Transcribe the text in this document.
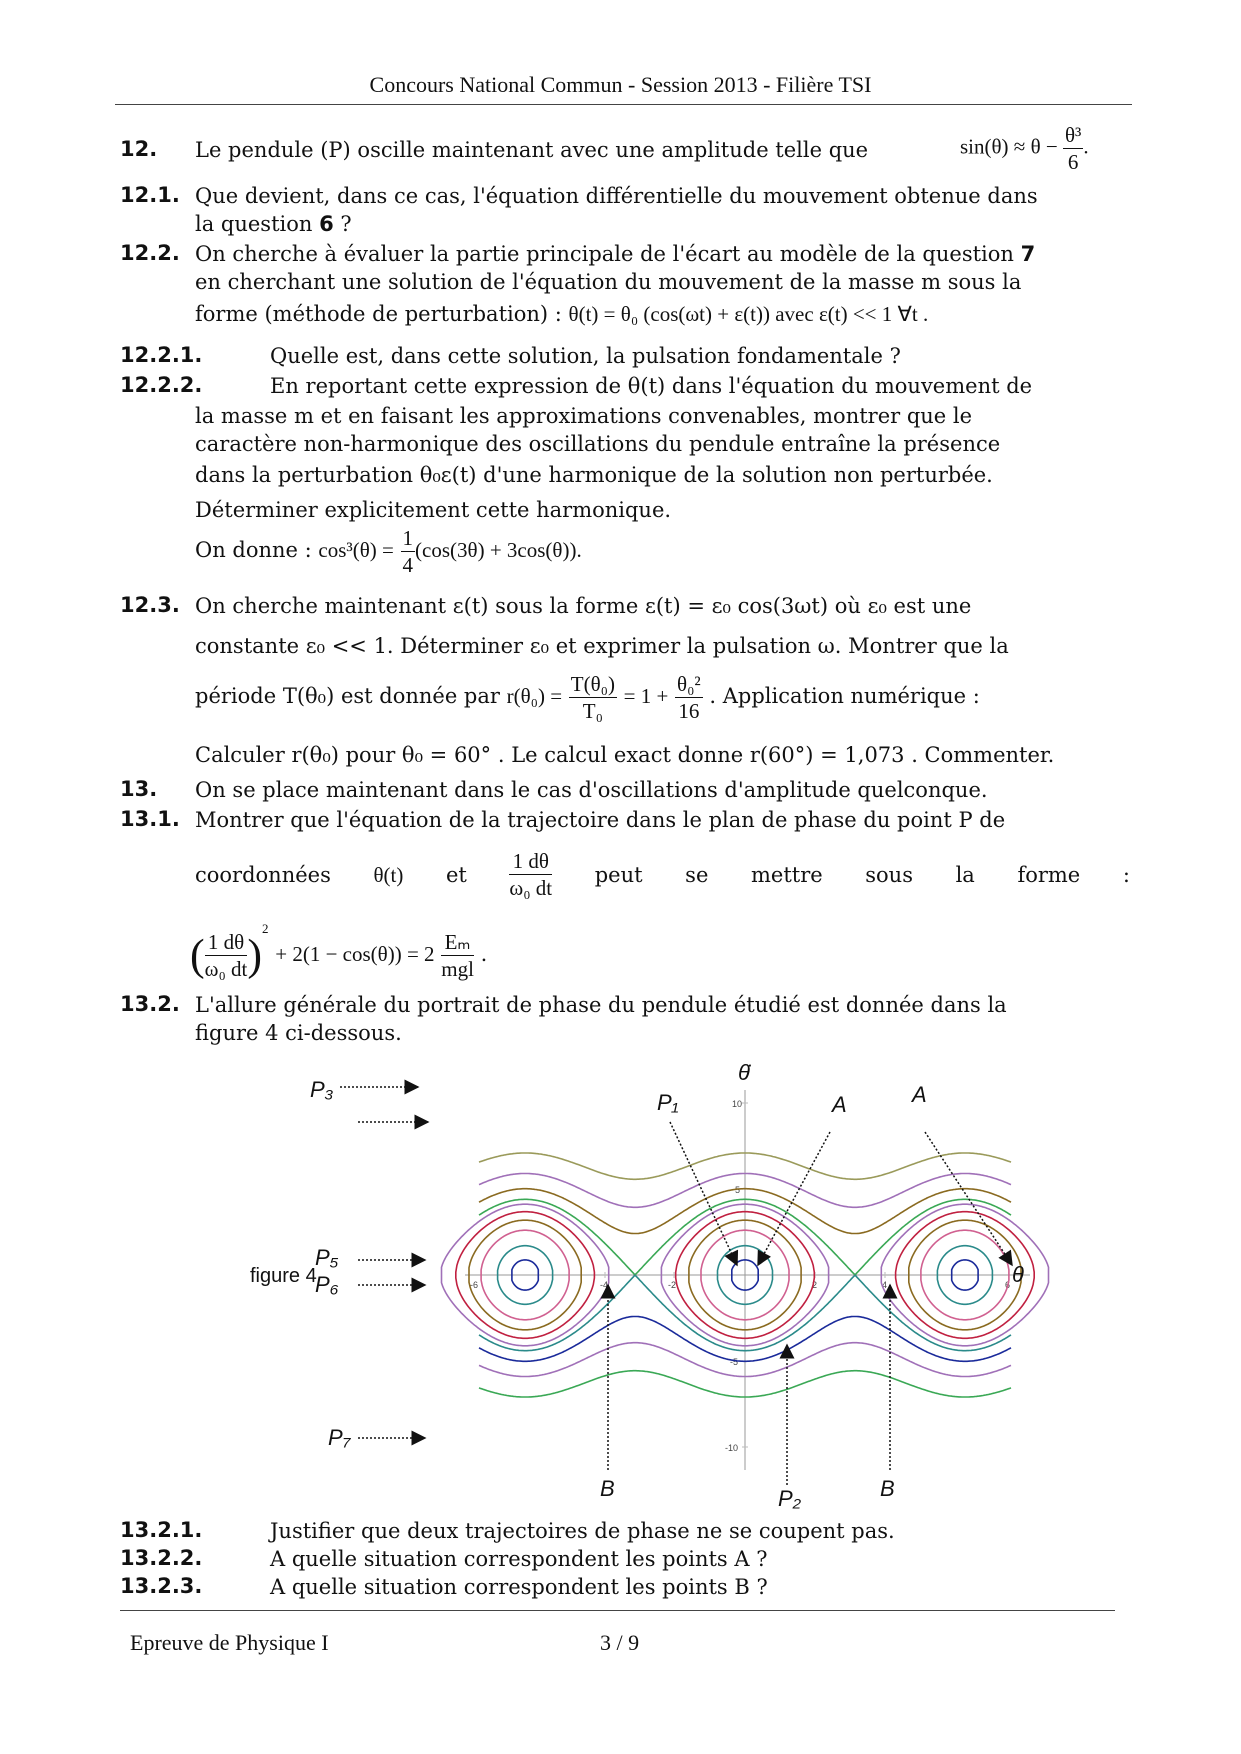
Concours National Commun - Session 2013 - Filière TSI
12. Le pendule (P) oscille maintenant avec une amplitude telle que	$\sin(\theta) \approx \theta - \frac{\text{θ³}}{6}$ .
12.1. Que devient, dans ce cas, l'équation différentielle du mouvement obtenue dans
la question 6 ?
12.2. On cherche à évaluer la partie principale de l'écart au modèle de la question 7
en cherchant une solution de l'équation du mouvement de la masse m sous la
forme (méthode de perturbation) : θ(t) = θ₀ (cos(ωt) + ε(t)) avec ε(t) << 1 ∀t .
12.2.1.	Quelle est, dans cette solution, la pulsation fondamentale ?
12.2.2.	En reportant cette expression de θ(t) dans l'équation du mouvement de
la masse m et en faisant les approximations convenables, montrer que le
caractère non-harmonique des oscillations du pendule entraîne la présence
dans la perturbation θ₀ε(t) d'une harmonique de la solution non perturbée.
Déterminer explicitement cette harmonique.
On donne : $\cos^3(\theta) = \frac{1}{4} (\cos(3\theta) + 3\cos(\theta))$.
12.3. On cherche maintenant ε(t) sous la forme ε(t) = ε₀ cos(3ωt) où ε₀ est une
constante ε₀ << 1. Déterminer ε₀ et exprimer la pulsation ω. Montrer que la
période T(θ₀) est donnée par $r(\theta_0) = \frac{\text{T(θ₀)}}{\text{T₀}} = 1 + \frac{\text{θ₀²}}{16}$ . Application numérique :
Calculer r(θ₀) pour θ₀ = 60° . Le calcul exact donne r(60°) = 1,073 . Commenter.
13. On se place maintenant dans le cas d'oscillations d'amplitude quelconque.
13.1. Montrer que l'équation de la trajectoire dans le plan de phase du point P de
coordonnées θ(t) et $\frac{1 d\theta}{\text{ω₀ dt}}$ peut se mettre sous la forme :
( $\frac{1 d\theta}{\text{ω₀ dt}} )^2 + 2(1 - \cos(\theta)) = 2 \frac{\text{Eₘ}}{\text{mgl}}$ .
13.2. L'allure générale du portrait de phase du pendule étudié est donnée dans la
figure 4 ci-dessous.
figure 4
10
5
-5
-10
-4	-2	2	4
-6	6
P₃
P₅
P₆
P₇
P₁	A	A
B	B
P₂
θ̇
θ
13.2.1.	Justifier que deux trajectoires de phase ne se coupent pas.
13.2.2.	A quelle situation correspondent les points A ?
13.2.3.	A quelle situation correspondent les points B ?
Epreuve de Physique I	3 / 9
